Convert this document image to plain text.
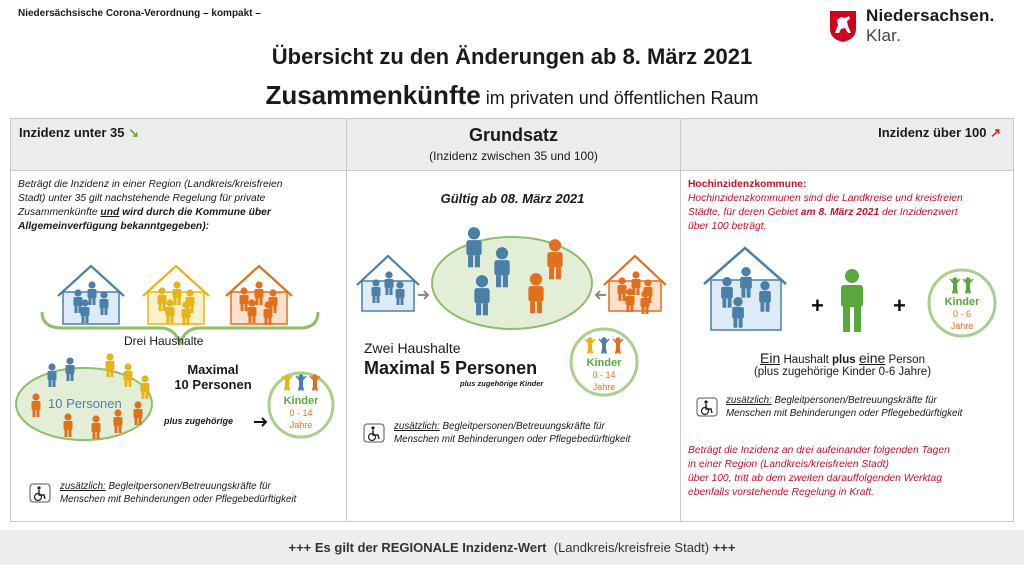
Niedersächsische Corona-Verordnung – kompakt –	Niedersachsen. Klar.
Übersicht zu den Änderungen ab 8. März 2021
Zusammenkünfte im privaten und öffentlichen Raum
Inzidenz unter 35 ↘	Grundsatz
(Inzidenz zwischen 35 und 100)
Inzidenz über 100 ↗
Beträgt die Inzidenz in einer Region (Landkreis/kreisfreien
Stadt) unter 35 gilt nachstehende Regelung für private
Zusammenkünfte und wird durch die Kommune über
Allgemeinverfügung bekanntgegeben):
+	+
Drei Haushalte
Maximal
10 Personen
10 Personen
plus zugehörige
Kinder
0 - 14
Jahre
zusätzlich: Begleitpersonen/Betreuungskräfte für
Menschen mit Behinderungen oder Pflegebedürftigkeit
Gültig ab 08. März 2021
Zwei Haushalte
Maximal 5 Personen
plus zugehörige Kinder
Kinder
0 - 14
Jahre
zusätzlich: Begleitpersonen/Betreuungskräfte für
Menschen mit Behinderungen oder Pflegebedürftigkeit
Hochinzidenzkommune:
Hochinzidenzkommunen sind die Landkreise und kreisfreien
Städte, für deren Gebiet am 8. März 2021 der Inzidenzwert
über 100 beträgt.
Kinder
0 - 6
Jahre
Ein Haushalt plus eine Person
(plus zugehörige Kinder 0-6 Jahre)
zusätzlich: Begleitpersonen/Betreuungskräfte für
Menschen mit Behinderungen oder Pflegebedürftigkeit
Beträgt die Inzidenz an drei aufeinander folgenden Tagen
in einer Region (Landkreis/kreisfreien Stadt)
über 100, tritt ab dem zweiten darauffolgenden Werktag
ebenfalls vorstehende Regelung in Kraft.
+++ Es gilt der REGIONALE Inzidenz-Wert
(Landkreis/kreisfreie Stadt)
+++
